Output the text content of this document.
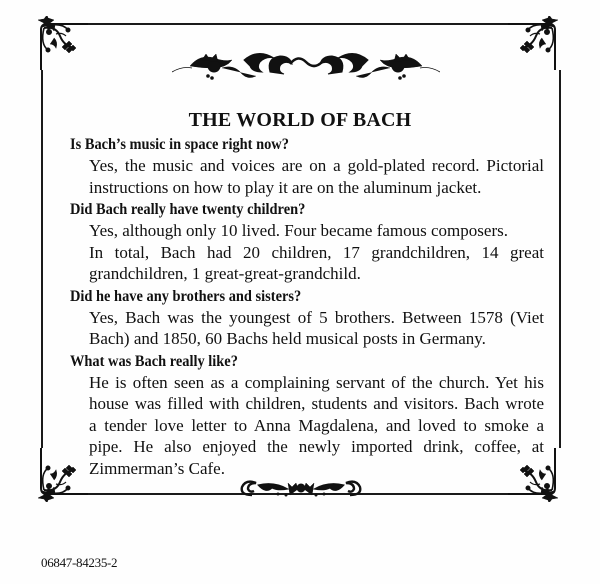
THE WORLD OF BACH

Is Bach’s music in space right now?

Yes, the music and voices are on a gold-plated record. Pictorial
instructions on how to play it are on the aluminum jacket.

Did Bach really have twenty children?

Yes, although only 10 lived. Four became famous composers.
In total, Bach had 20 children, 17 grandchildren, 14 great
grandchildren, 1 great-great-grandchild.

Did he have any brothers and sisters?

Yes, Bach was the youngest of 5 brothers. Between 1578 (Viet
Bach) and 1850, 60 Bachs held musical posts in Germany.

What was Bach really like?

He is often seen as a complaining servant of the church. Yet his
house was filled with children, students and visitors. Bach wrote
a tender love letter to Anna Magdalena, and loved to smoke a
pipe. He also enjoyed the newly imported drink, coffee, at
Zimmerman’s Cafe.
06847-84235-2
